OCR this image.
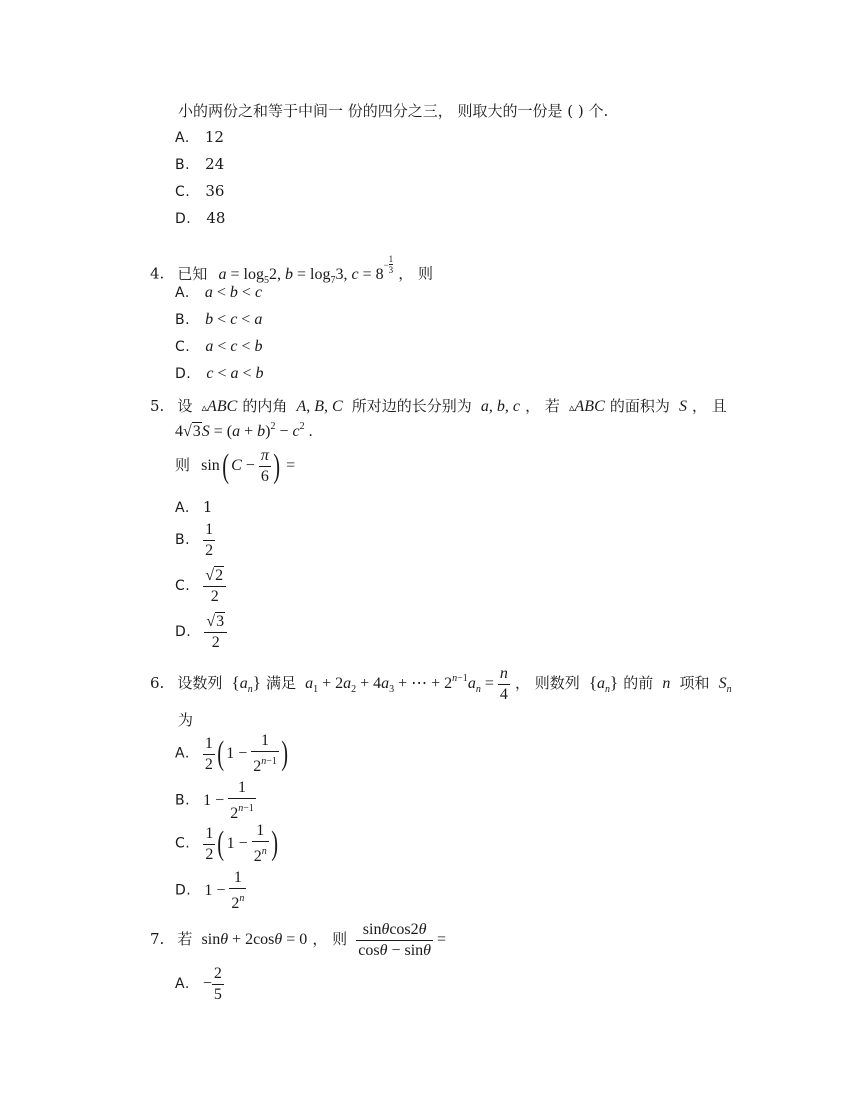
小的两份之和等于中间一 份的四分之三， 则取大的一份是 ( ) 个.
A. 12
B. 24
C. 36
D. 48
4. 已知 $a = \log_52$, $b = \log_73$, $c = 8- \frac{1}{3}$ ， 则
A. a < b < c
B. b < c < a
C. a < c < b
D. c < a < b
5. 设 ▵ABC 的内角 A, B, C 所对边的长分别为 a, b, c ， 若 ▵ABC 的面积为 S ， 且
$4√3S = (a + b)^2 - c^2$ .
则 sin( $C - \frac{\pi}{6}$ ) =
A. 1
B. $\frac{1}{2}$
C. $\frac{√2}{2}$
D. $\frac{√3}{2}$
6. 设数列 $\{a_n\}$ 满足 $a_1 + 2a_2 + 4a_3$ + ⋯ + $2^{n-1}a_n = \frac{n}{4}$ ， 则数列 $\{a_n\}$ 的前 n 项和 $S_n$
为
A. $\frac{1}{2}$ ( $1 - \frac{1}{2^{n-1}}$ )
B. $1 - \frac{1}{2^{n-1}}$
C. $\frac{1}{2}$ ( $1 - \frac{1}{2^n}$ )
D. $1 - \frac{1}{2^n}$
7. 若 sinθ + 2cosθ = 0 ， 则 $\frac{\sin\theta\cos 2\theta}{\cos\theta - \sin\theta}$ =
A. − $\frac{2}{5}$
